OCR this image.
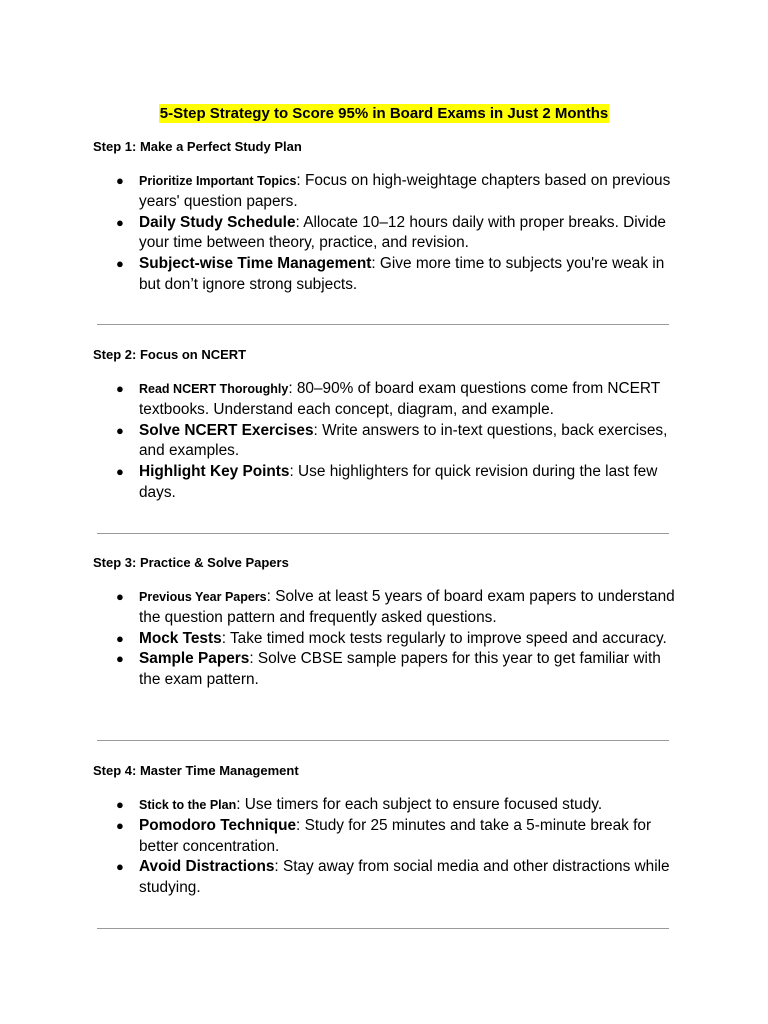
5-Step Strategy to Score 95% in Board Exams in Just 2 Months

Step 1: Make a Perfect Study Plan

● Prioritize Important Topics: Focus on high-weightage chapters based on previous years' question papers.
● Daily Study Schedule: Allocate 10–12 hours daily with proper breaks. Divide your time between theory, practice, and revision.
● Subject-wise Time Management: Give more time to subjects you're weak in but don’t ignore strong subjects.

Step 2: Focus on NCERT

● Read NCERT Thoroughly: 80–90% of board exam questions come from NCERT textbooks. Understand each concept, diagram, and example.
● Solve NCERT Exercises: Write answers to in-text questions, back exercises, and examples.
● Highlight Key Points: Use highlighters for quick revision during the last few days.

Step 3: Practice & Solve Papers

● Previous Year Papers: Solve at least 5 years of board exam papers to understand the question pattern and frequently asked questions.
● Mock Tests: Take timed mock tests regularly to improve speed and accuracy.
● Sample Papers: Solve CBSE sample papers for this year to get familiar with the exam pattern.

Step 4: Master Time Management

● Stick to the Plan: Use timers for each subject to ensure focused study.
● Pomodoro Technique: Study for 25 minutes and take a 5-minute break for better concentration.
● Avoid Distractions: Stay away from social media and other distractions while studying.
